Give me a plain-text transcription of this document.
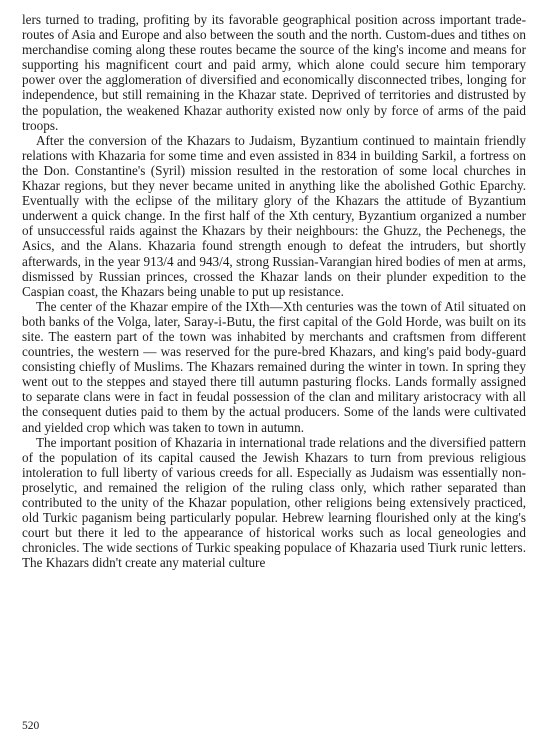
lers turned to trading, profiting by its favorable geographical position across important trade-routes of Asia and Europe and also between the south and the north. Custom-dues and tithes on merchandise coming along these routes became the source of the king's income and means for supporting his magnificent court and paid army, which alone could secure him temporary power over the agglomeration of diversified and economically disconnected tribes, longing for independence, but still remaining in the Khazar state. Deprived of territories and distrusted by the population, the weakened Khazar authority existed now only by force of arms of the paid troops.

After the conversion of the Khazars to Judaism, Byzantium continued to maintain friendly relations with Khazaria for some time and even assisted in 834 in building Sarkil, a fortress on the Don. Constantine's (Syril) mission resulted in the restoration of some local churches in Khazar regions, but they never became united in anything like the abolished Gothic Eparchy. Eventually with the eclipse of the military glory of the Khazars the attitude of Byzantium underwent a quick change. In the first half of the Xth century, Byzantium organized a number of unsuccessful raids against the Khazars by their neighbours: the Ghuzz, the Pechenegs, the Asics, and the Alans. Khazaria found strength enough to defeat the intruders, but shortly afterwards, in the year 913/4 and 943/4, strong Russian-Varangian hired bodies of men at arms, dismissed by Russian princes, crossed the Khazar lands on their plunder expedition to the Caspian coast, the Khazars being unable to put up resistance.

The center of the Khazar empire of the IXth—Xth centuries was the town of Atil situated on both banks of the Volga, later, Saray-i-Butu, the first capital of the Gold Horde, was built on its site. The eastern part of the town was inhabited by merchants and craftsmen from different countries, the western — was reserved for the pure-bred Khazars, and king's paid body-guard consisting chiefly of Muslims. The Khazars remained during the winter in town. In spring they went out to the steppes and stayed there till autumn pasturing flocks. Lands formally assigned to separate clans were in fact in feudal possession of the clan and military aristocracy with all the consequent duties paid to them by the actual producers. Some of the lands were cultivated and yielded crop which was taken to town in autumn.

The important position of Khazaria in international trade relations and the diversified pattern of the population of its capital caused the Jewish Khazars to turn from previous religious intoleration to full liberty of various creeds for all. Especially as Judaism was essentially non-proselytic, and remained the religion of the ruling class only, which rather separated than contributed to the unity of the Khazar population, other religions being extensively practiced, old Turkic paganism being particularly popular. Hebrew learning flourished only at the king's court but there it led to the appearance of historical works such as local geneologies and chronicles. The wide sections of Turkic speaking populace of Khazaria used Tiurk runic letters. The Khazars didn't create any material culture

520
